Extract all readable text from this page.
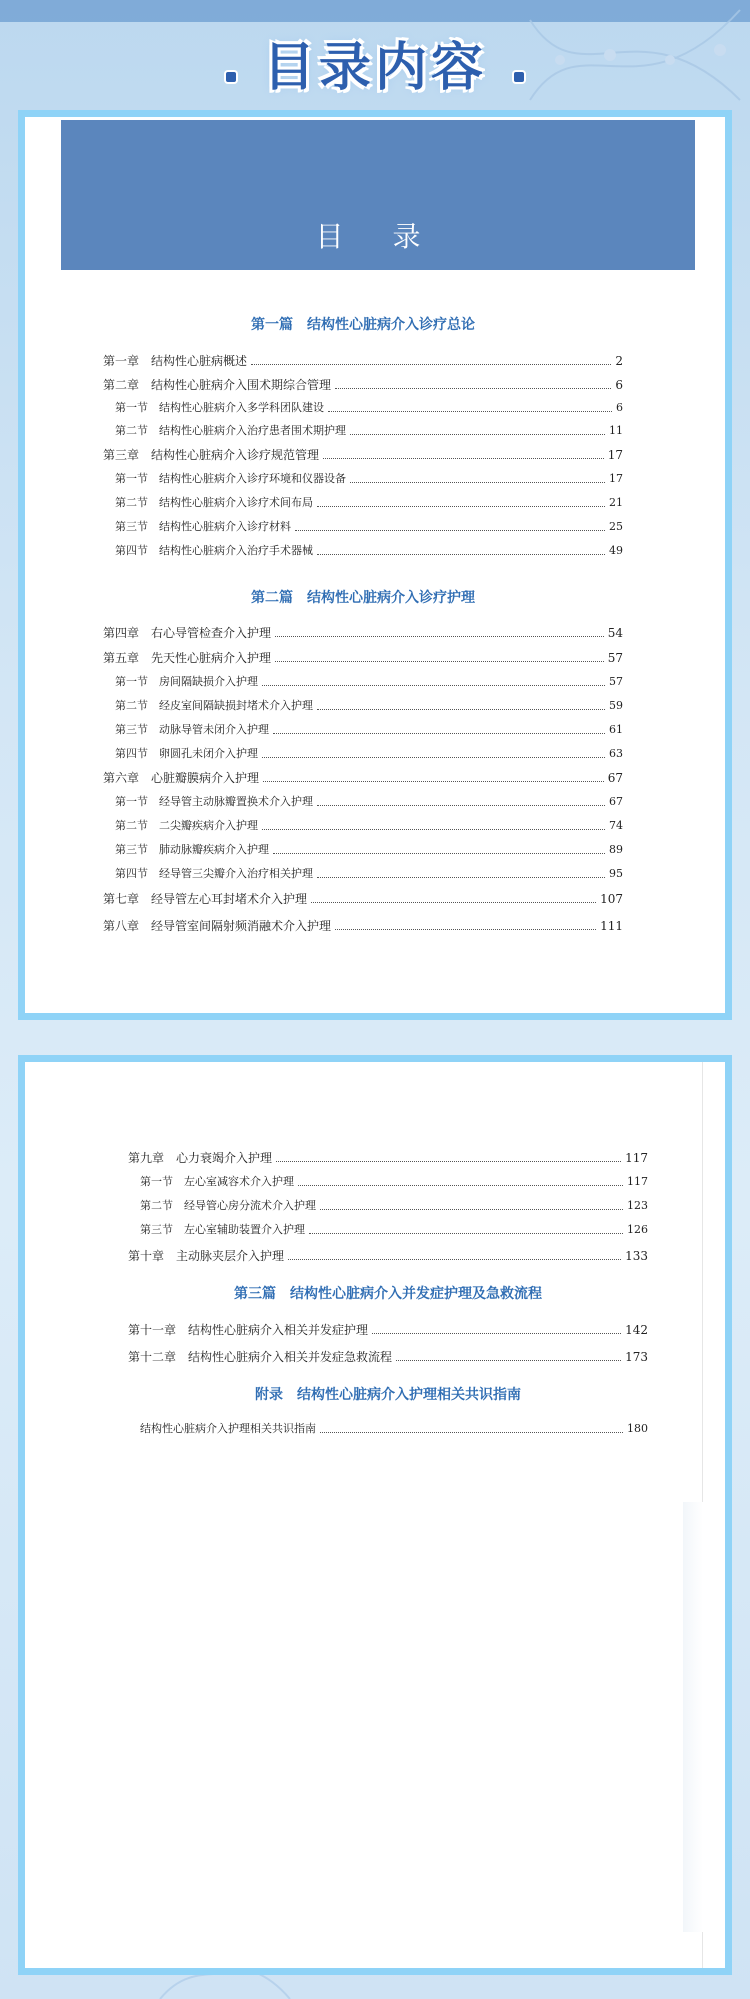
目录内容
目 录
第一篇　结构性心脏病介入诊疗总论
第一章　结构性心脏病概述	2
第二章　结构性心脏病介入围术期综合管理	6
第一节　结构性心脏病介入多学科团队建设	6
第二节　结构性心脏病介入治疗患者围术期护理	11
第三章　结构性心脏病介入诊疗规范管理	17
第一节　结构性心脏病介入诊疗环境和仪器设备	17
第二节　结构性心脏病介入诊疗术间布局	21
第三节　结构性心脏病介入诊疗材料	25
第四节　结构性心脏病介入治疗手术器械	49
第二篇　结构性心脏病介入诊疗护理
第四章　右心导管检查介入护理	54
第五章　先天性心脏病介入护理	57
第一节　房间隔缺损介入护理	57
第二节　经皮室间隔缺损封堵术介入护理	59
第三节　动脉导管未闭介入护理	61
第四节　卵圆孔未闭介入护理	63
第六章　心脏瓣膜病介入护理	67
第一节　经导管主动脉瓣置换术介入护理	67
第二节　二尖瓣疾病介入护理	74
第三节　肺动脉瓣疾病介入护理	89
第四节　经导管三尖瓣介入治疗相关护理	95
第七章　经导管左心耳封堵术介入护理	107
第八章　经导管室间隔射频消融术介入护理	111
第九章　心力衰竭介入护理	117
第一节　左心室减容术介入护理	117
第二节　经导管心房分流术介入护理	123
第三节　左心室辅助装置介入护理	126
第十章　主动脉夹层介入护理	133
第三篇　结构性心脏病介入并发症护理及急救流程
第十一章　结构性心脏病介入相关并发症护理	142
第十二章　结构性心脏病介入相关并发症急救流程	173
附录　结构性心脏病介入护理相关共识指南
结构性心脏病介入护理相关共识指南	180
